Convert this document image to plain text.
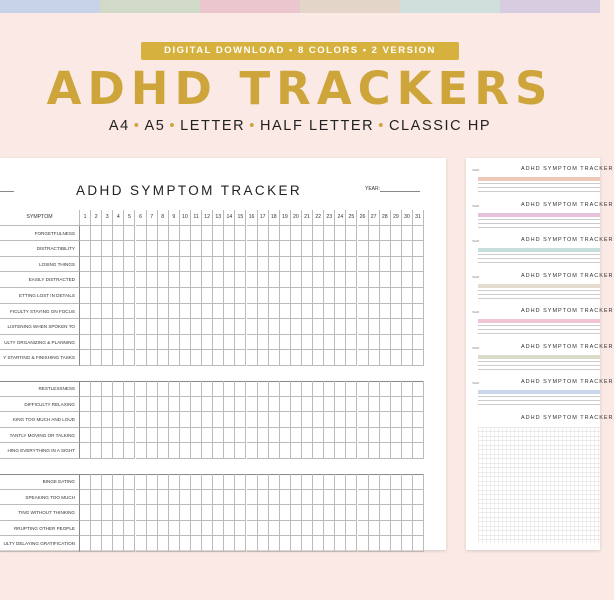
DIGITAL DOWNLOAD • 8 COLORS • 2 VERSION
ADHD TRACKERS
A4 • A5 • LETTER • HALF LETTER • CLASSIC HP
ADHD SYMPTOM TRACKER	YEAR:
SYMPTOM	1	2	3	4	5	6	7	8	9	10	11	12	13	14	15	16	17	18	19	20	21	22	23	24	25	26	27	28	29	30	31
FORGETFULNESS
DISTRACTIBILITY
LOSING THINGS
EASILY DISTRACTED
ETTING LOST IN DETAILS
FICULTY STAYING ON FOCUS
LISTENING WHEN SPOKEN TO
ULTY ORGANIZING & PLANNING
Y STARTING & FINISHING TASKS
RESTLESSNESS
DIFFICULTY RELAXING
KING TOO MUCH AND LOUD
TANTLY MOVING OR TALKING
HING EVERYTHING IN A SIGHT
BINGE EATING
SPEAKING TOO MUCH
TING WITHOUT THINKING
RRUPTING OTHER PEOPLE
ULTY DELAYING GRATIFICATION
ADHD SYMPTOM TRACKER
YEAR:
ADHD SYMPTOM TRACKER
YEAR:
ADHD SYMPTOM TRACKER
YEAR:
ADHD SYMPTOM TRACKER
YEAR:
ADHD SYMPTOM TRACKER
YEAR:
ADHD SYMPTOM TRACKER
YEAR:
ADHD SYMPTOM TRACKER
YEAR:
ADHD SYMPTOM TRACKER
